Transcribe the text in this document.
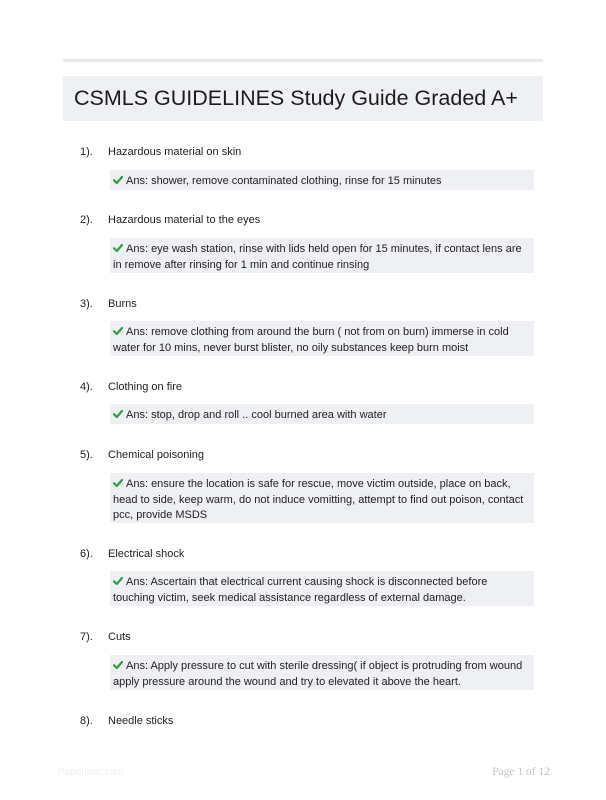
CSMLS GUIDELINES Study Guide Graded A+
1). Hazardous material on skin
Ans: shower, remove contaminated clothing, rinse for 15 minutes
2). Hazardous material to the eyes
Ans: eye wash station, rinse with lids held open for 15 minutes, if contact lens are in remove after rinsing for 1 min and continue rinsing
3). Burns
Ans: remove clothing from around the burn ( not from on burn) immerse in cold water for 10 mins, never burst blister, no oily substances keep burn moist
4). Clothing on fire
Ans: stop, drop and roll .. cool burned area with water
5). Chemical poisoning
Ans: ensure the location is safe for rescue, move victim outside, place on back, head to side, keep warm, do not induce vomitting, attempt to find out poison, contact pcc, provide MSDS
6). Electrical shock
Ans: Ascertain that electrical current causing shock is disconnected before touching victim, seek medical assistance regardless of external damage.
7). Cuts
Ans: Apply pressure to cut with sterile dressing( if object is protruding from wound apply pressure around the wound and try to elevated it above the heart.
8). Needle sticks
Paperlibic.com	Page 1 of 12
